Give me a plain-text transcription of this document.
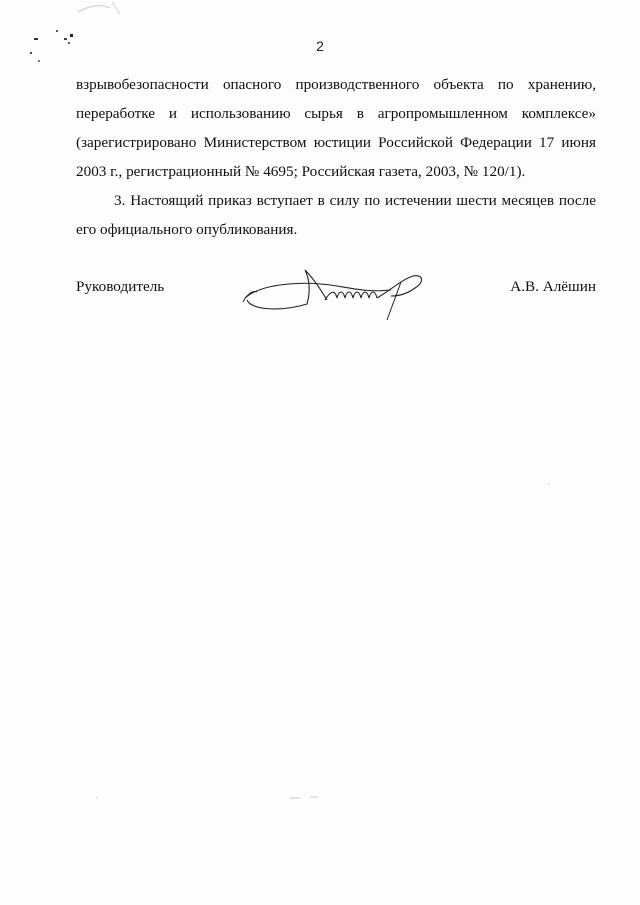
2
взрывобезопасности опасного производственного объекта по хранению,
переработке и использованию сырья в агропромышленном комплексе»
(зарегистрировано Министерством юстиции Российской Федерации 17 июня
2003 г., регистрационный № 4695; Российская газета, 2003, № 120/1).
3. Настоящий приказ вступает в силу по истечении шести месяцев после
его официального опубликования.
Руководитель	А.В. Алёшин
